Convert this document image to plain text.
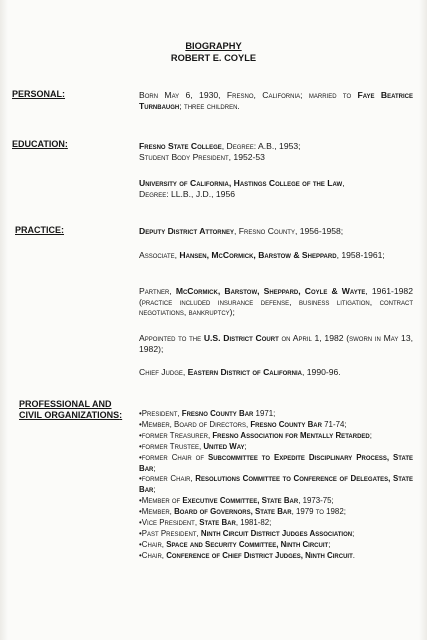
BIOGRAPHY
ROBERT E. COYLE
PERSONAL:	Born May 6, 1930, Fresno, California; married to Faye Beatrice Turnbaugh; three children.
EDUCATION:	Fresno State College, Degree: A.B., 1953;
Student Body President, 1952-53
University of California, Hastings College of the Law,
Degree: LL.B., J.D., 1956
PRACTICE:	Deputy District Attorney, Fresno County, 1956-1958;
Associate, Hansen, McCormick, Barstow & Sheppard, 1958-1961;
Partner, McCormick, Barstow, Sheppard, Coyle & Wayte, 1961-1982 (practice included insurance defense, business litigation, contract negotiations, bankruptcy);
Appointed to the U.S. District Court on April 1, 1982 (sworn in May 13, 1982);
Chief Judge, Eastern District of California, 1990-96.
PROFESSIONAL AND
CIVIL ORGANIZATIONS: •President, Fresno County Bar 1971;
•Member, Board of Directors, Fresno County Bar 71-74;
•former Treasurer, Fresno Association for Mentally Retarded;
•former Trustee, United Way;
•former Chair of Subcommittee to Expedite Disciplinary Process, State Bar;
•former Chair, Resolutions Committee to Conference of Delegates, State Bar;
•Member of Executive Committee, State Bar, 1973-75;
•Member, Board of Governors, State Bar, 1979 to 1982;
•Vice President, State Bar, 1981-82;
•Past President, Ninth Circuit District Judges Association;
•Chair, Space and Security Committee, Ninth Circuit;
•Chair, Conference of Chief District Judges, Ninth Circuit.
